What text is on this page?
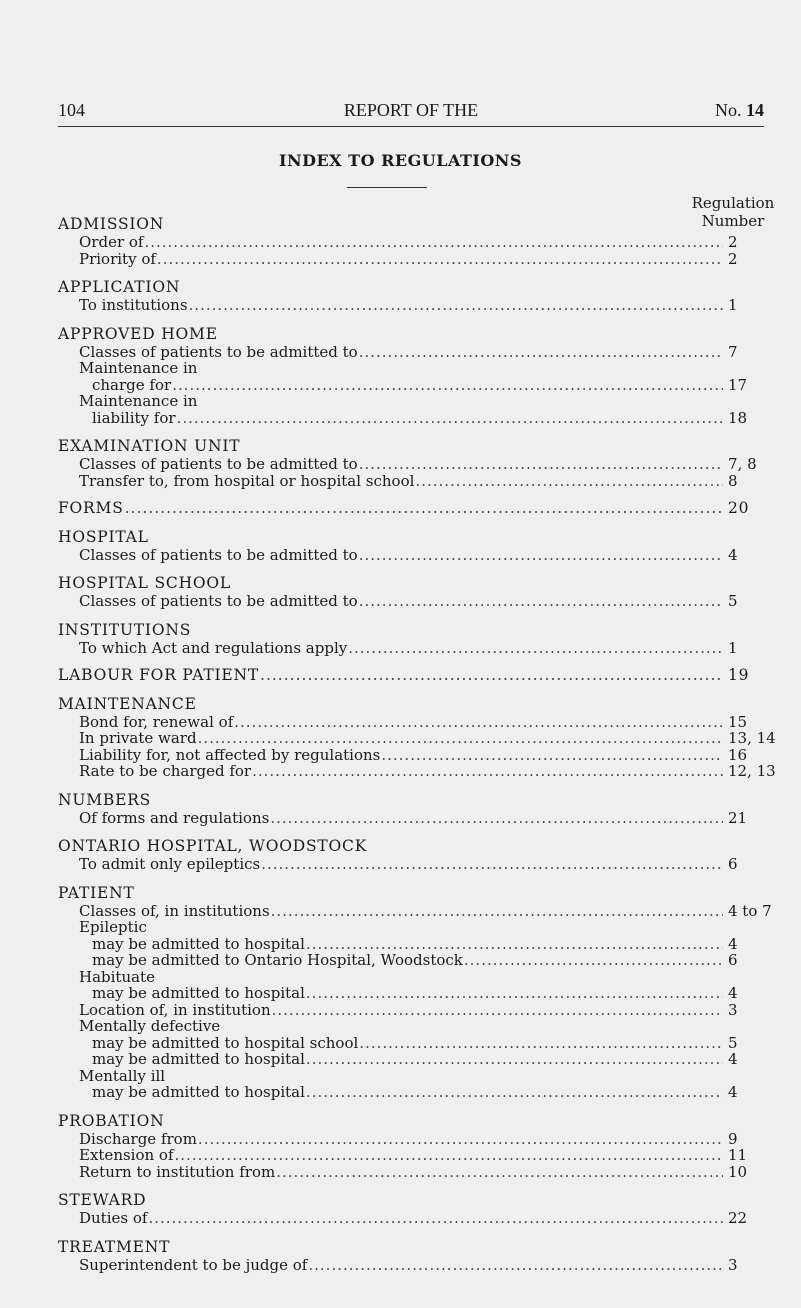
104	REPORT OF THE	No. 14
INDEX TO REGULATIONS
Regulation
Number
ADMISSION
Order of .....	2
Priority of .....	2
APPLICATION
To institutions .....	1
APPROVED HOME
Classes of patients to be admitted to .....	7
Maintenance in
charge for .....	17
Maintenance in
liability for .....	18
EXAMINATION UNIT
Classes of patients to be admitted to .....	7, 8
Transfer to, from hospital or hospital school .....	8
FORMS .....	20
HOSPITAL
Classes of patients to be admitted to .....	4
HOSPITAL SCHOOL
Classes of patients to be admitted to .....	5
INSTITUTIONS
To which Act and regulations apply .....	1
LABOUR FOR PATIENT .....	19
MAINTENANCE
Bond for, renewal of .....	15
In private ward .....	13, 14
Liability for, not affected by regulations .....	16
Rate to be charged for .....	12, 13
NUMBERS
Of forms and regulations .....	21
ONTARIO HOSPITAL, WOODSTOCK
To admit only epileptics .....	6
PATIENT
Classes of, in institutions .....	4 to 7
Epileptic
may be admitted to hospital .....	4
may be admitted to Ontario Hospital, Woodstock .....	6
Habituate
may be admitted to hospital .....	4
Location of, in institution .....	3
Mentally defective
may be admitted to hospital school .....	5
may be admitted to hospital .....	4
Mentally ill
may be admitted to hospital .....	4
PROBATION
Discharge from .....	9
Extension of .....	11
Return to institution from .....	10
STEWARD
Duties of .....	22
TREATMENT
Superintendent to be judge of .....	3
